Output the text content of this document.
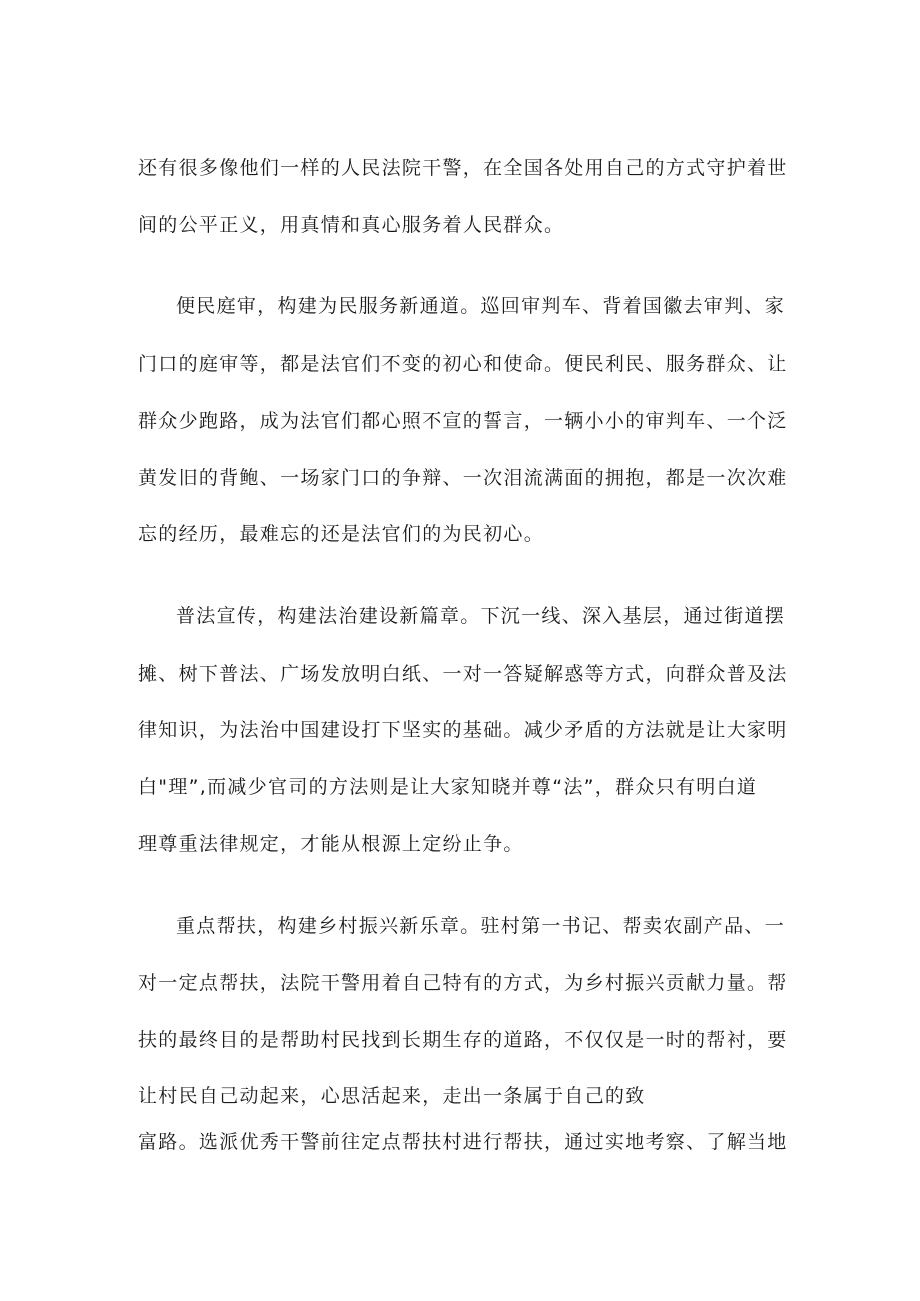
还有很多像他们一样的人民法院干警，在全国各处用自己的方式守护着世
间的公平正义，用真情和真心服务着人民群众。
便民庭审，构建为民服务新通道。巡回审判车、背着国徽去审判、家
门口的庭审等，都是法官们不变的初心和使命。便民利民、服务群众、让
群众少跑路，成为法官们都心照不宣的誓言，一辆小小的审判车、一个泛
黄发旧的背鲍、一场家门口的争辩、一次泪流满面的拥抱，都是一次次难
忘的经历，最难忘的还是法官们的为民初心。
普法宣传，构建法治建设新篇章。下沉一线、深入基层，通过街道摆
摊、树下普法、广场发放明白纸、一对一答疑解惑等方式，向群众普及法
律知识，为法治中国建设打下坚实的基础。减少矛盾的方法就是让大家明
白"理”,而减少官司的方法则是让大家知晓并尊“法”，群众只有明白道
理尊重法律规定，才能从根源上定纷止争。
重点帮扶，构建乡村振兴新乐章。驻村第一书记、帮卖农副产品、一
对一定点帮扶，法院干警用着自己特有的方式，为乡村振兴贡献力量。帮
扶的最终目的是帮助村民找到长期生存的道路，不仅仅是一时的帮衬，要
让村民自己动起来，心思活起来，走出一条属于自己的致
富路。选派优秀干警前往定点帮扶村进行帮扶，通过实地考察、了解当地
